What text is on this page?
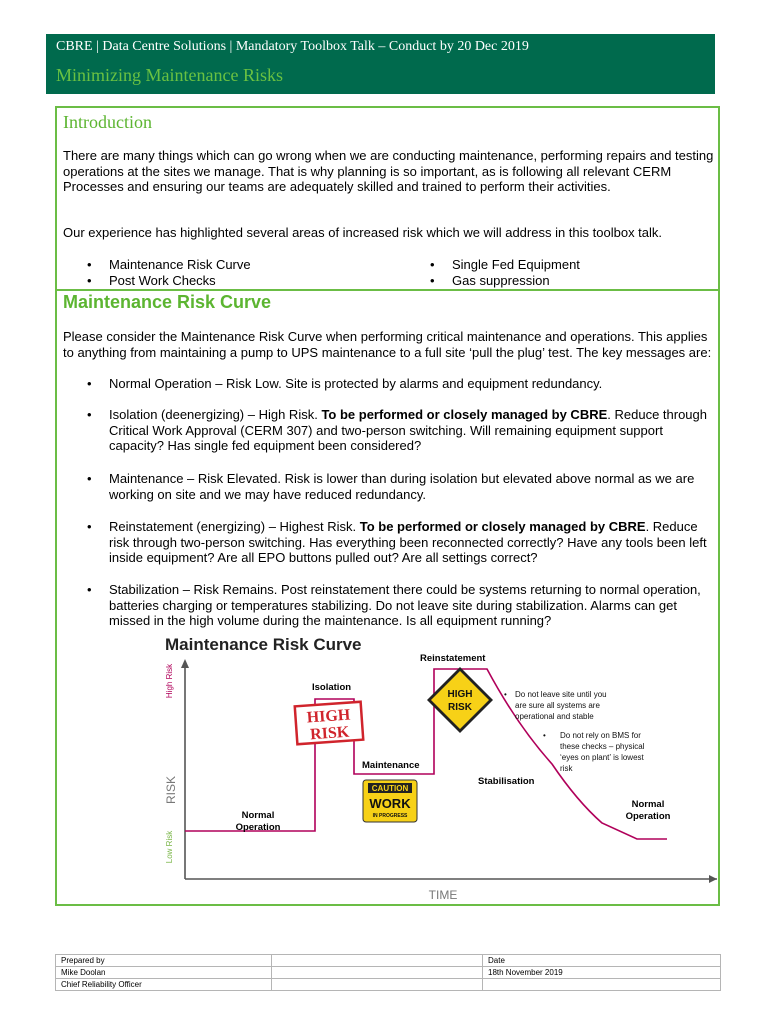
CBRE | Data Centre Solutions | Mandatory Toolbox Talk – Conduct by 20 Dec 2019
Minimizing Maintenance Risks
Introduction
There are many things which can go wrong when we are conducting maintenance, performing repairs and testing operations at the sites we manage. That is why planning is so important, as is following all relevant CERM Processes and ensuring our teams are adequately skilled and trained to perform their activities.
Our experience has highlighted several areas of increased risk which we will address in this toolbox talk.
• Maintenance Risk Curve
• Post Work Checks
• Single Fed Equipment
• Gas suppression
Maintenance Risk Curve
Please consider the Maintenance Risk Curve when performing critical maintenance and operations. This applies to anything from maintaining a pump to UPS maintenance to a full site ‘pull the plug’ test. The key messages are:
• Normal Operation – Risk Low. Site is protected by alarms and equipment redundancy.
• Isolation (deenergizing) – High Risk. To be performed or closely managed by CBRE. Reduce through Critical Work Approval (CERM 307) and two-person switching. Will remaining equipment support capacity? Has single fed equipment been considered?
• Maintenance – Risk Elevated. Risk is lower than during isolation but elevated above normal as we are working on site and we may have reduced redundancy.
• Reinstatement (energizing) – Highest Risk. To be performed or closely managed by CBRE. Reduce risk through two-person switching. Has everything been reconnected correctly? Have any tools been left inside equipment? Are all EPO buttons pulled out? Are all settings correct?
• Stabilization – Risk Remains. Post reinstatement there could be systems returning to normal operation, batteries charging or temperatures stabilizing. Do not leave site during stabilization. Alarms can get missed in the high volume during the maintenance. Is all equipment running?
Maintenance Risk Curve
RISK
TIME
High Risk
Low Risk
Normal
Operation
Isolation
Maintenance
Reinstatement
Stabilisation
Normal
Operation
HIGH
RISK
CAUTION
WORK
IN PROGRESS
HIGH
RISK
• Do not leave site until you
are sure all systems are
operational and stable
• Do not rely on BMS for
these checks – physical
‘eyes on plant’ is lowest
risk
Prepared by		Date
Mike Doolan		18th November 2019
Chief Reliability Officer		
